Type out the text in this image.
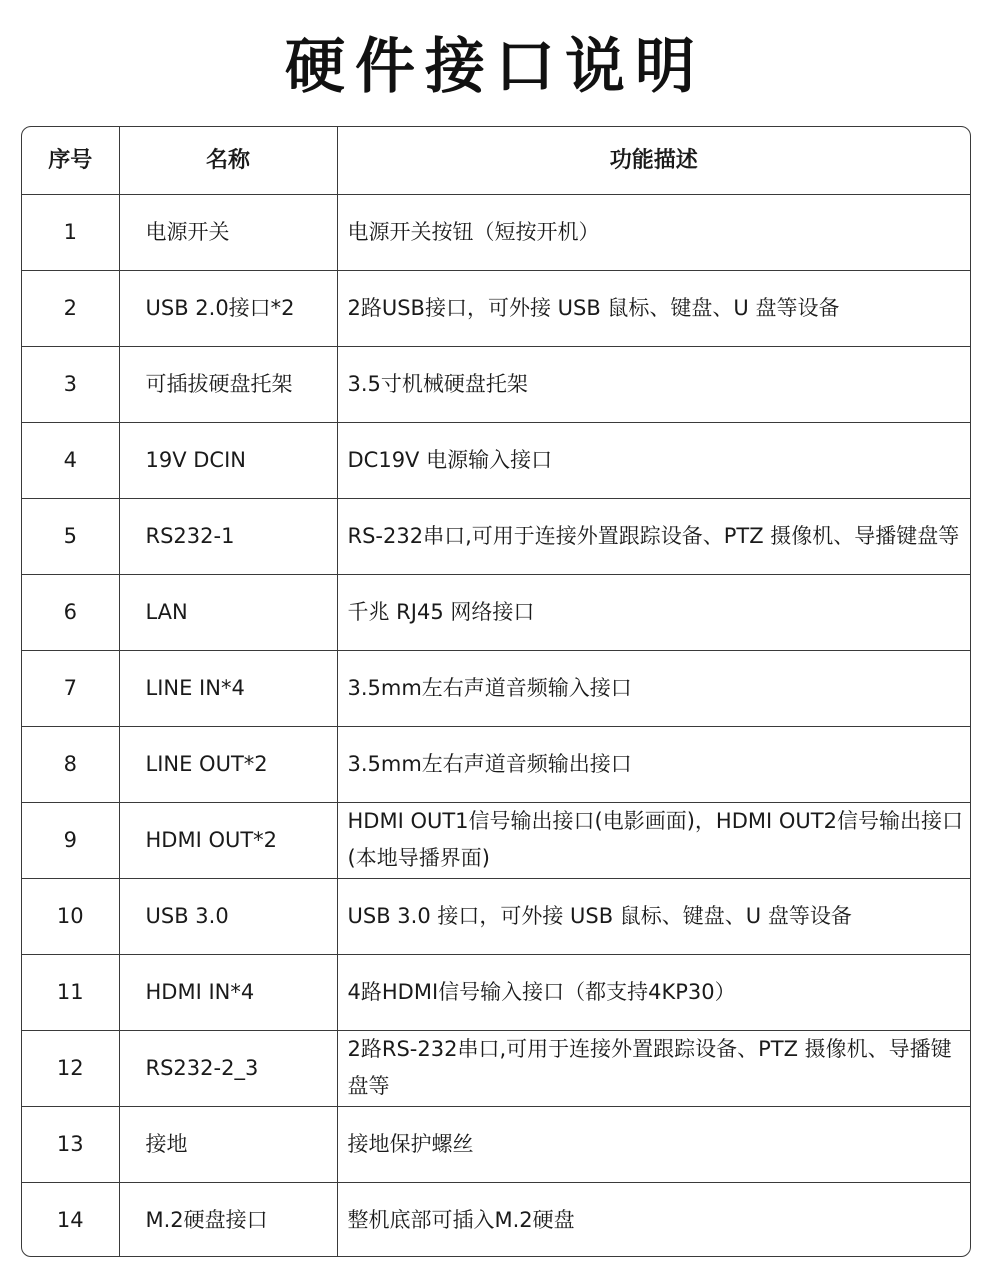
硬件接口说明
序号	名称	功能描述
1	电源开关	电源开关按钮（短按开机）
2	USB 2.0接口*2	2路USB接口，可外接 USB 鼠标、键盘、U 盘等设备
3	可插拔硬盘托架	3.5寸机械硬盘托架
4	19V DCIN	DC19V 电源输入接口
5	RS232-1	RS-232串口,可用于连接外置跟踪设备、PTZ 摄像机、导播键盘等
6	LAN	千兆 RJ45 网络接口
7	LINE IN*4	3.5mm左右声道音频输入接口
8	LINE OUT*2	3.5mm左右声道音频输出接口
9	HDMI OUT*2	HDMI OUT1信号输出接口(电影画面)，HDMI OUT2信号输出接口(本地导播界面)
10	USB 3.0	USB 3.0 接口，可外接 USB 鼠标、键盘、U 盘等设备
11	HDMI IN*4	4路HDMI信号输入接口（都支持4KP30）
12	RS232-2_3	2路RS-232串口,可用于连接外置跟踪设备、PTZ 摄像机、导播键盘等
13	接地	接地保护螺丝
14	M.2硬盘接口	整机底部可插入M.2硬盘
